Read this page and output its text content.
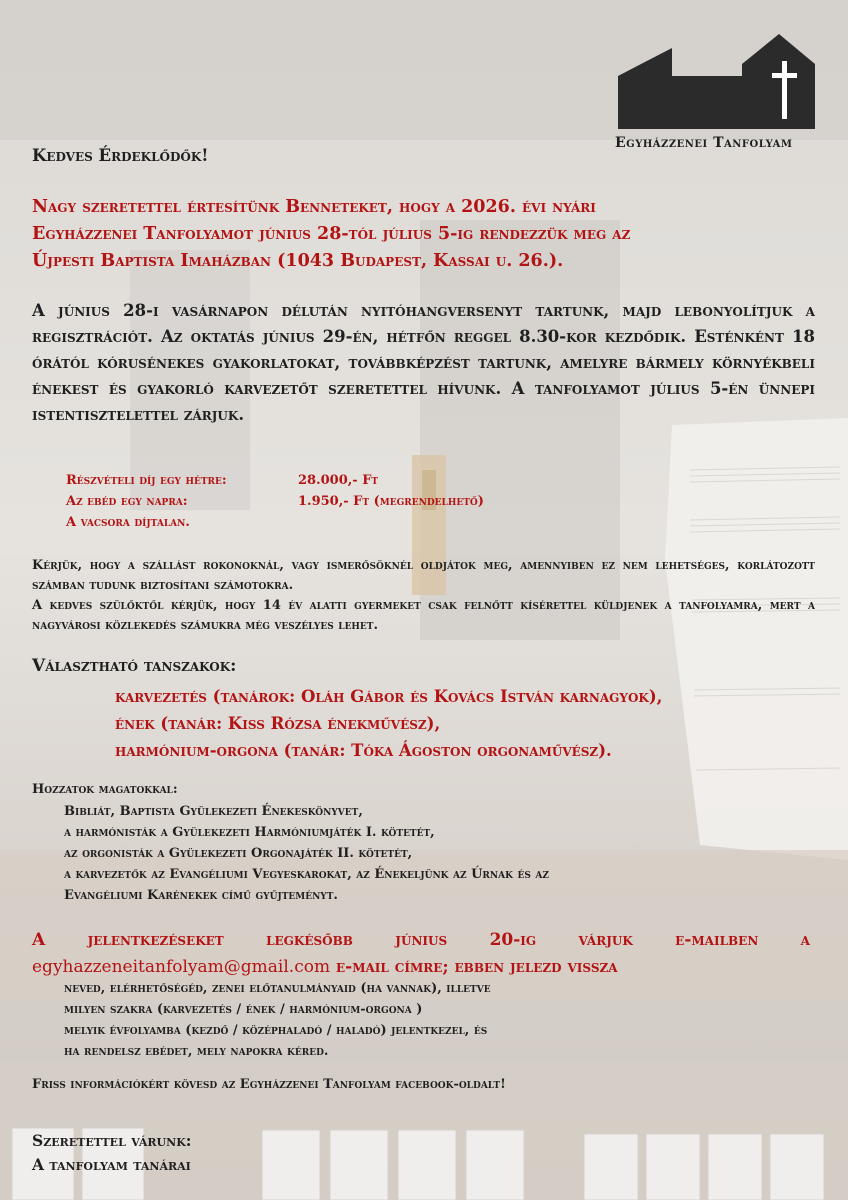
Egyházzenei Tanfolyam
Kedves Érdeklődők!
Nagy szeretettel értesítünk Benneteket, hogy a 2026. évi nyári
Egyházzenei Tanfolyamot június 28-tól július 5-ig rendezzük meg az
Újpesti Baptista Imaházban (1043 Budapest, Kassai u. 26.).
A június 28-i vasárnapon délután nyitóhangversenyt tartunk, majd lebonyolítjuk a regisztrációt. Az oktatás június 29-én, hétfőn reggel 8.30-kor kezdődik. Esténként 18 órától kórusénekes gyakorlatokat, továbbképzést tartunk, amelyre bármely környékbeli énekest és gyakorló karvezetőt szeretettel hívunk. A tanfolyamot július 5-én ünnepi istentisztelettel zárjuk.
Részvételi díj egy hétre:	28.000,- Ft
Az ebéd egy napra:	1.950,- Ft (megrendelhető)
A vacsora díjtalan.	
Kérjük, hogy a szállást rokonoknál, vagy ismerősöknél oldjátok meg, amennyiben ez nem lehetséges, korlátozott számban tudunk biztosítani számotokra.
A kedves szülőktől kérjük, hogy 14 év alatti gyermeket csak felnőtt kísérettel küldjenek a tanfolyamra, mert a nagyvárosi közlekedés számukra még veszélyes lehet.
Választható tanszakok:
karvezetés (tanárok: Oláh Gábor és Kovács István karnagyok),
ének (tanár: Kiss Rózsa énekművész),
harmónium-orgona (tanár: Tóka Ágoston orgonaművész).
Hozzatok magatokkal:
Bibliát, Baptista Gyülekezeti Énekeskönyvet,
a harmónisták a Gyülekezeti Harmóniumjáték I. kötetét,
az orgonisták a Gyülekezeti Orgonajáték II. kötetét,
a karvezetők az Evangéliumi Vegyeskarokat, az Énekeljünk az Úrnak és az
Evangéliumi Karénekek című gyűjteményt.
A jelentkezéseket legkésőbb június 20-ig várjuk e-mailben a
egyhazzeneitanfolyam@gmail.com e-mail címre; ebben jelezd vissza
neved, elérhetőségéd, zenei előtanulmányaid (ha vannak), illetve
milyen szakra (karvezetés / ének / harmónium-orgona )
melyik évfolyamba (kezdő / középhaladó / haladó) jelentkezel, és
ha rendelsz ebédet, mely napokra kéred.
Friss információkért kövesd az Egyházzenei Tanfolyam facebook-oldalt!
Szeretettel várunk:
A tanfolyam tanárai
